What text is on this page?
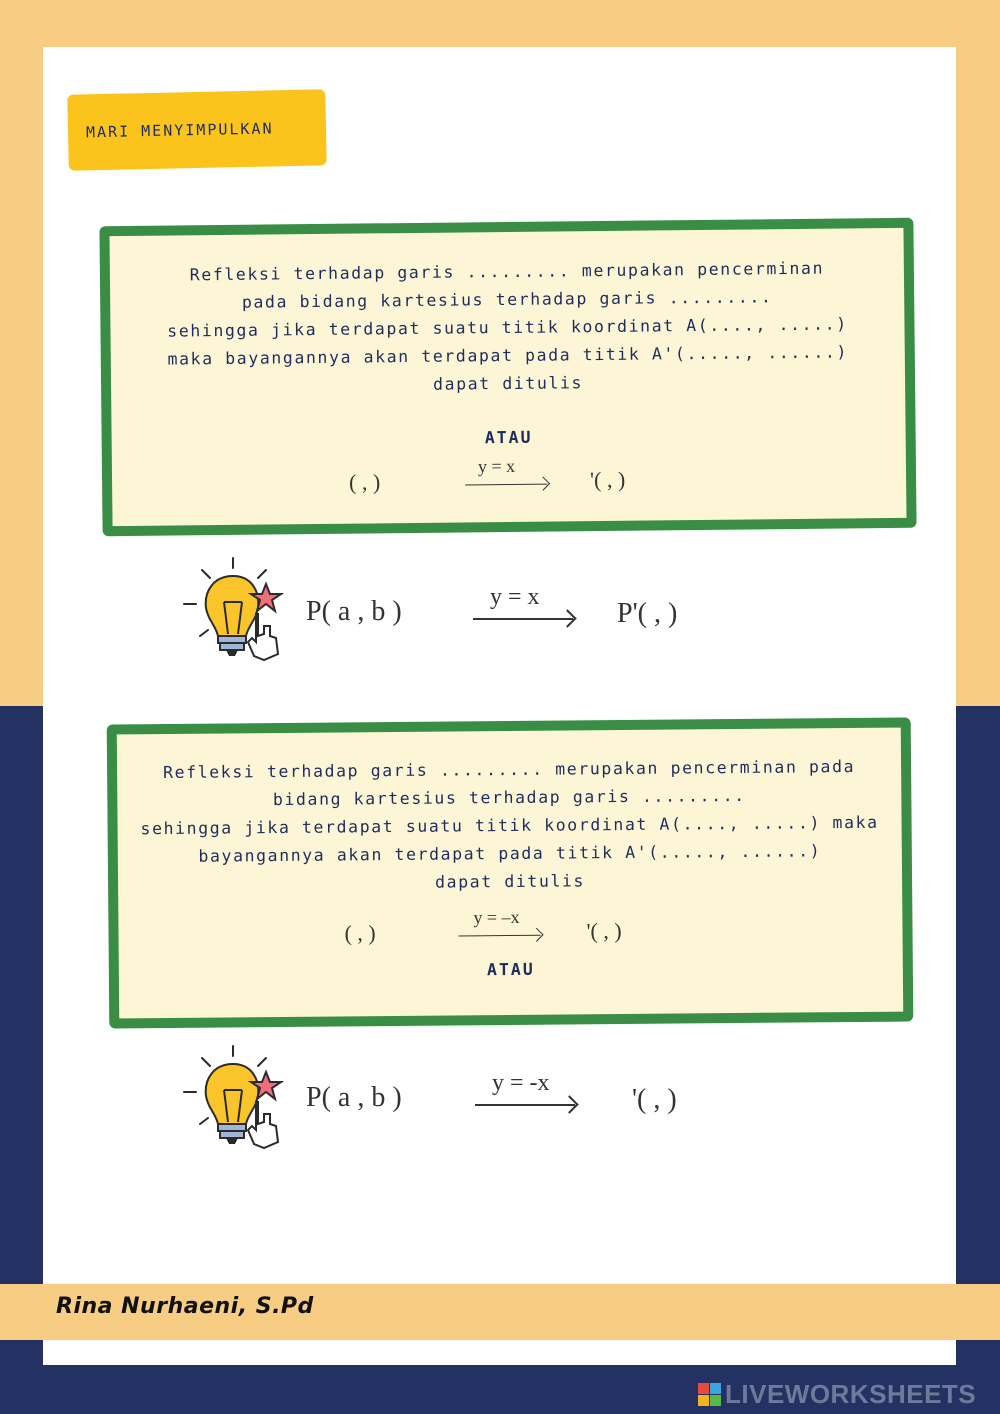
MARI MENYIMPULKAN
Refleksi terhadap garis ......... merupakan pencerminan
pada bidang kartesius terhadap garis .........
sehingga jika terdapat suatu titik koordinat A(...., .....)
maka bayangannya akan terdapat pada titik A'(....., ......)
dapat ditulis
ATAU
( , )
y = x
'( , )
P( a , b )	y = x
P'( , )
Refleksi terhadap garis ......... merupakan pencerminan pada
bidang kartesius terhadap garis .........
sehingga jika terdapat suatu titik koordinat A(...., .....) maka
bayangannya akan terdapat pada titik A'(....., ......)
dapat ditulis
( , )
y = –x
'( , )
ATAU
P( a , b )	y = -x
'( , )
Rina Nurhaeni, S.Pd
LIVEWORKSHEETS
